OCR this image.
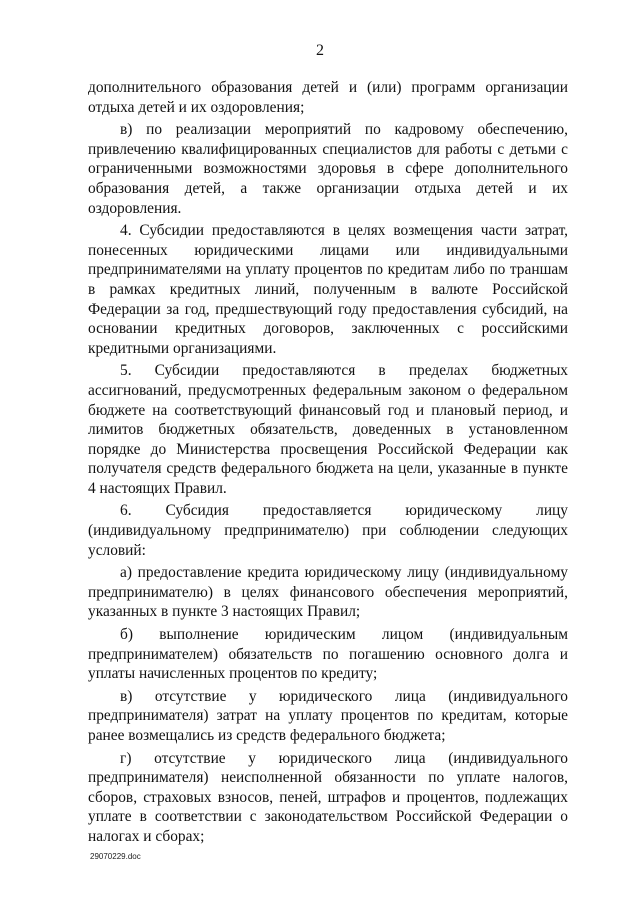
2

дополнительного образования детей и (или) программ организации отдыха детей и их оздоровления;

в) по реализации мероприятий по кадровому обеспечению, привлечению квалифицированных специалистов для работы с детьми с ограниченными возможностями здоровья в сфере дополнительного образования детей, а также организации отдыха детей и их оздоровления.

4. Субсидии предоставляются в целях возмещения части затрат, понесенных юридическими лицами или индивидуальными предпринимателями на уплату процентов по кредитам либо по траншам в рамках кредитных линий, полученным в валюте Российской Федерации за год, предшествующий году предоставления субсидий, на основании кредитных договоров, заключенных с российскими кредитными организациями.

5. Субсидии предоставляются в пределах бюджетных ассигнований, предусмотренных федеральным законом о федеральном бюджете на соответствующий финансовый год и плановый период, и лимитов бюджетных обязательств, доведенных в установленном порядке до Министерства просвещения Российской Федерации как получателя средств федерального бюджета на цели, указанные в пункте 4 настоящих Правил.

6. Субсидия предоставляется юридическому лицу (индивидуальному предпринимателю) при соблюдении следующих условий:

а) предоставление кредита юридическому лицу (индивидуальному предпринимателю) в целях финансового обеспечения мероприятий, указанных в пункте 3 настоящих Правил;

б) выполнение юридическим лицом (индивидуальным предпринимателем) обязательств по погашению основного долга и уплаты начисленных процентов по кредиту;

в) отсутствие у юридического лица (индивидуального предпринимателя) затрат на уплату процентов по кредитам, которые ранее возмещались из средств федерального бюджета;

г) отсутствие у юридического лица (индивидуального предпринимателя) неисполненной обязанности по уплате налогов, сборов, страховых взносов, пеней, штрафов и процентов, подлежащих уплате в соответствии с законодательством Российской Федерации о налогах и сборах;

29070229.doc
